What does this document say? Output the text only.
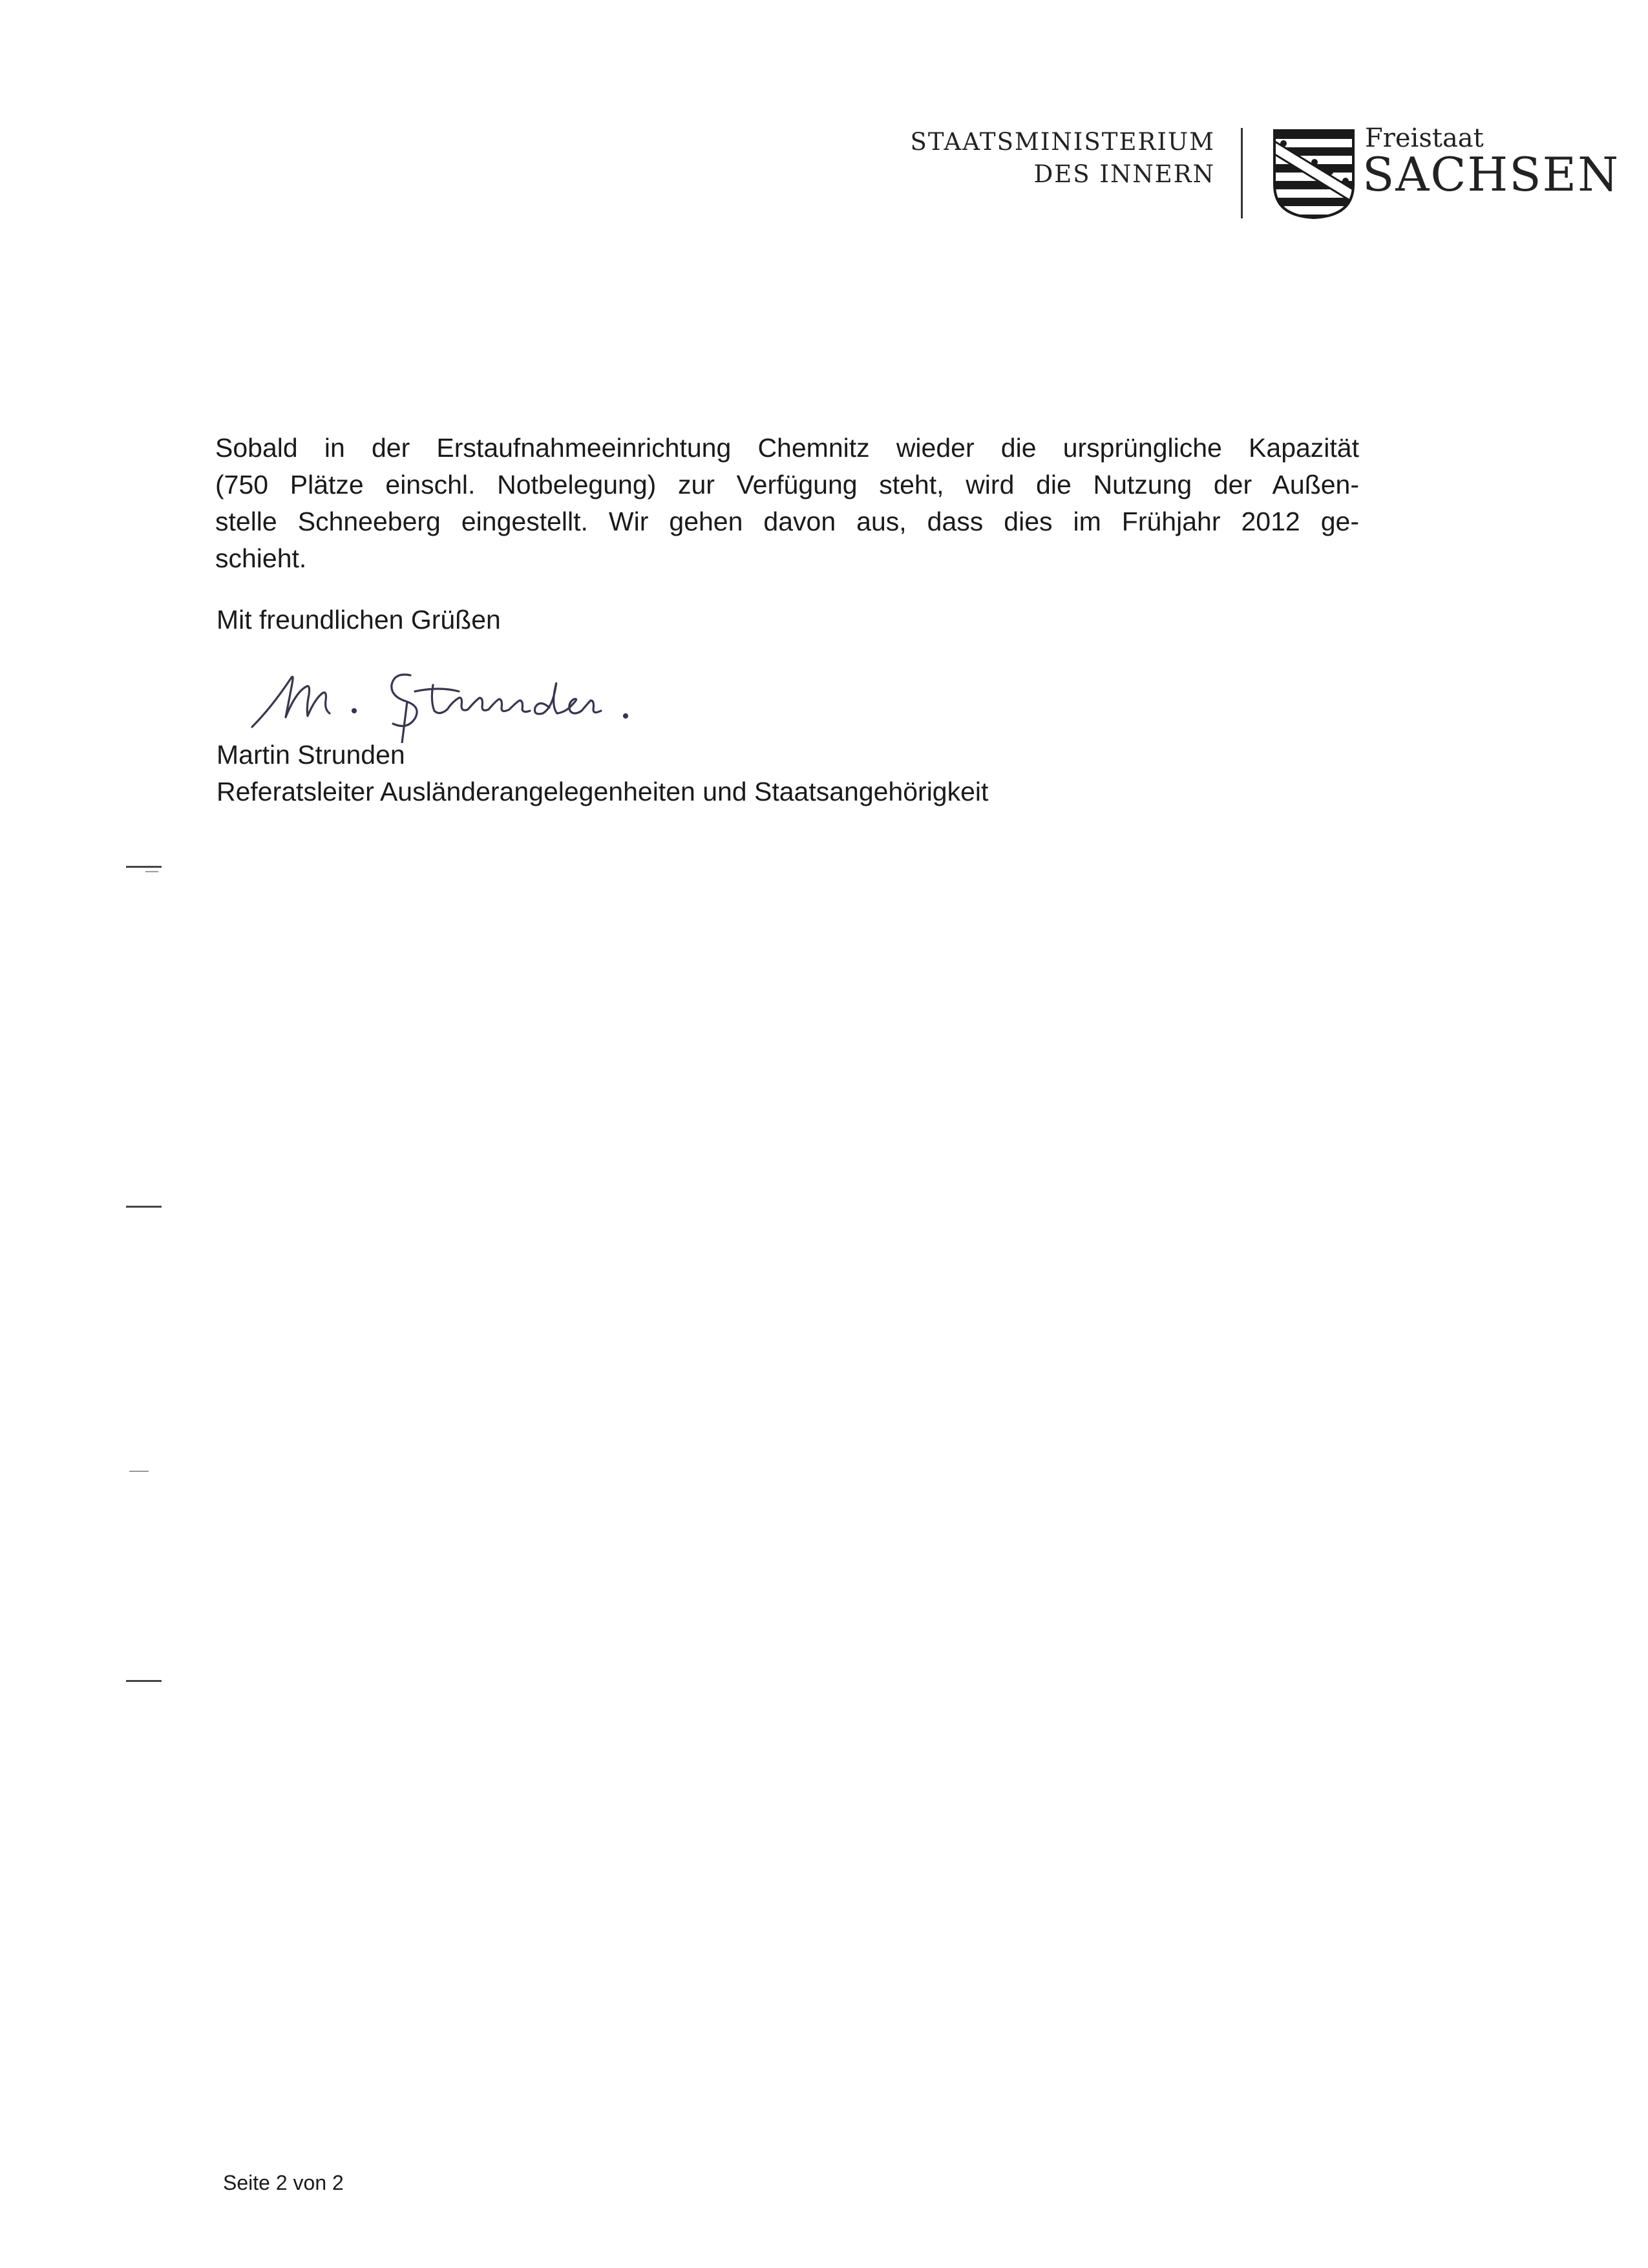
STAATSMINISTERIUM
DES INNERN
Freistaat
SACHSEN
Sobald in der Erstaufnahmeeinrichtung Chemnitz wieder die ursprüngliche Kapazität
(750 Plätze einschl. Notbelegung) zur Verfügung steht, wird die Nutzung der Außen-
stelle Schneeberg eingestellt. Wir gehen davon aus, dass dies im Frühjahr 2012 ge-
schieht.
Mit freundlichen Grüßen
Martin Strunden
Referatsleiter Ausländerangelegenheiten und Staatsangehörigkeit
Seite 2 von 2
